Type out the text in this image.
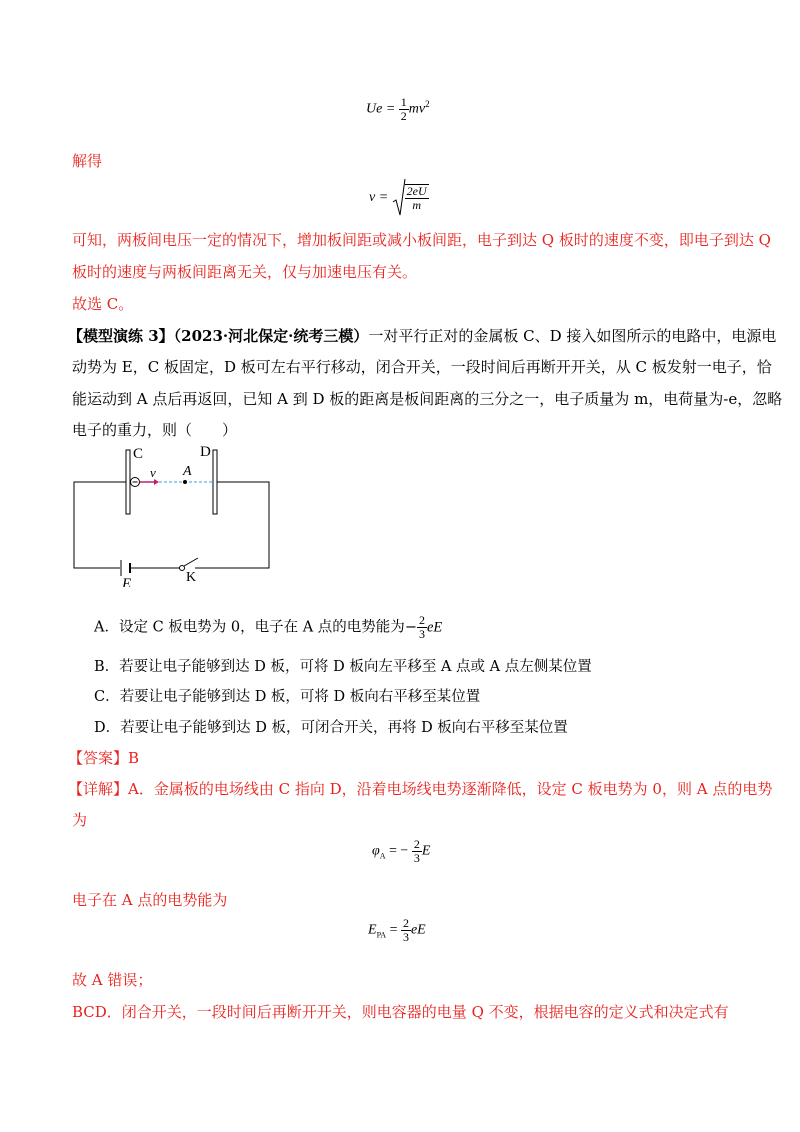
$Ue = \frac{1}{2} mv^2$
解得
$v = \frac{2eU}{m}$
可知，两板间电压一定的情况下，增加板间距或减小板间距，电子到达 Q 板时的速度不变，即电子到达 Q
板时的速度与两板间距离无关，仅与加速电压有关。
故选 C。
【模型演练 3】（2023·河北保定·统考三模）一对平行正对的金属板 C、D 接入如图所示的电路中，电源电
动势为 E，C 板固定，D 板可左右平行移动，闭合开关，一段时间后再断开开关，从 C 板发射一电子，恰
能运动到 A 点后再返回，已知 A 到 D 板的距离是板间距离的三分之一，电子质量为 m，电荷量为-e，忽略
电子的重力，则（　　）
C	D
v A
E	K
A．设定 C 板电势为 0，电子在 A 点的电势能为− $\frac{2}{3}$ eE
B．若要让电子能够到达 D 板，可将 D 板向左平移至 A 点或 A 点左侧某位置
C．若要让电子能够到达 D 板，可将 D 板向右平移至某位置
D．若要让电子能够到达 D 板，可闭合开关，再将 D 板向右平移至某位置
【答案】B
【详解】A．金属板的电场线由 C 指向 D，沿着电场线电势逐渐降低，设定 C 板电势为 0，则 A 点的电势
为
$\varphi_A$ = − $\frac{2}{3}$ E
电子在 A 点的电势能为
$E_{PA} = \frac{2}{3}$ eE
故 A 错误；
BCD．闭合开关，一段时间后再断开开关，则电容器的电量 Q 不变，根据电容的定义式和决定式有
